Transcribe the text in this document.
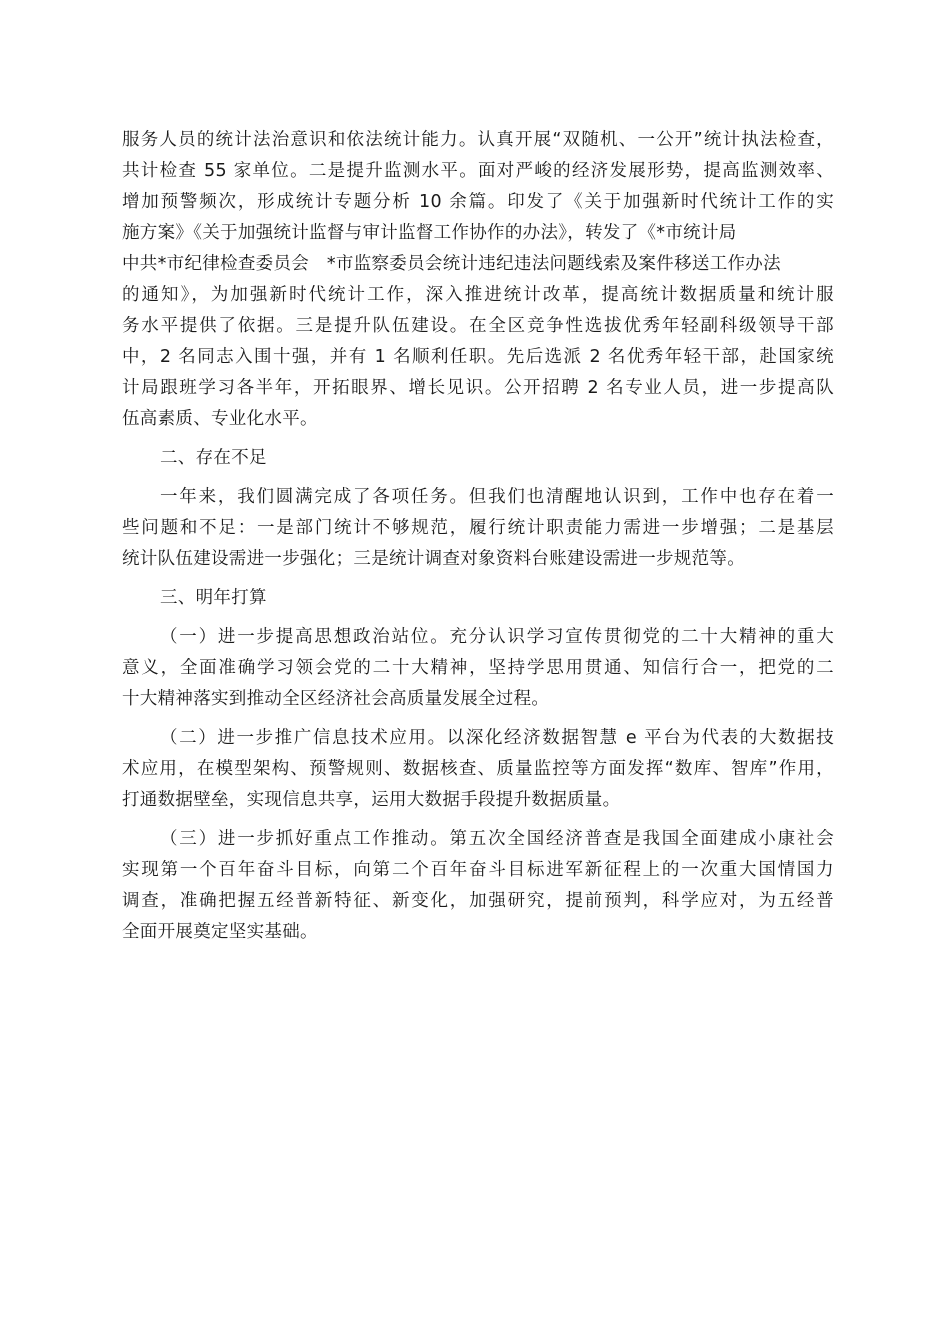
服务人员的统计法治意识和依法统计能力。认真开展“双随机、一公开”统计执法检查，
共计检查 55 家单位。二是提升监测水平。面对严峻的经济发展形势，提高监测效率、
增加预警频次，形成统计专题分析 10 余篇。印发了《关于加强新时代统计工作的实
施方案》《关于加强统计监督与审计监督工作协作的办法》，转发了《*市统计局
中共*市纪律检查委员会　*市监察委员会统计违纪违法问题线索及案件移送工作办法
的通知》，为加强新时代统计工作，深入推进统计改革，提高统计数据质量和统计服
务水平提供了依据。三是提升队伍建设。在全区竞争性选拔优秀年轻副科级领导干部
中，2 名同志入围十强，并有 1 名顺利任职。先后选派 2 名优秀年轻干部，赴国家统
计局跟班学习各半年，开拓眼界、增长见识。公开招聘 2 名专业人员，进一步提高队
伍高素质、专业化水平。
二、存在不足
一年来，我们圆满完成了各项任务。但我们也清醒地认识到，工作中也存在着一
些问题和不足：一是部门统计不够规范，履行统计职责能力需进一步增强；二是基层
统计队伍建设需进一步强化；三是统计调查对象资料台账建设需进一步规范等。
三、明年打算
（一）进一步提高思想政治站位。充分认识学习宣传贯彻党的二十大精神的重大
意义，全面准确学习领会党的二十大精神，坚持学思用贯通、知信行合一，把党的二
十大精神落实到推动全区经济社会高质量发展全过程。
（二）进一步推广信息技术应用。以深化经济数据智慧 e 平台为代表的大数据技
术应用，在模型架构、预警规则、数据核查、质量监控等方面发挥“数库、智库”作用，
打通数据壁垒，实现信息共享，运用大数据手段提升数据质量。
（三）进一步抓好重点工作推动。第五次全国经济普查是我国全面建成小康社会
实现第一个百年奋斗目标，向第二个百年奋斗目标进军新征程上的一次重大国情国力
调查，准确把握五经普新特征、新变化，加强研究，提前预判，科学应对，为五经普
全面开展奠定坚实基础。
